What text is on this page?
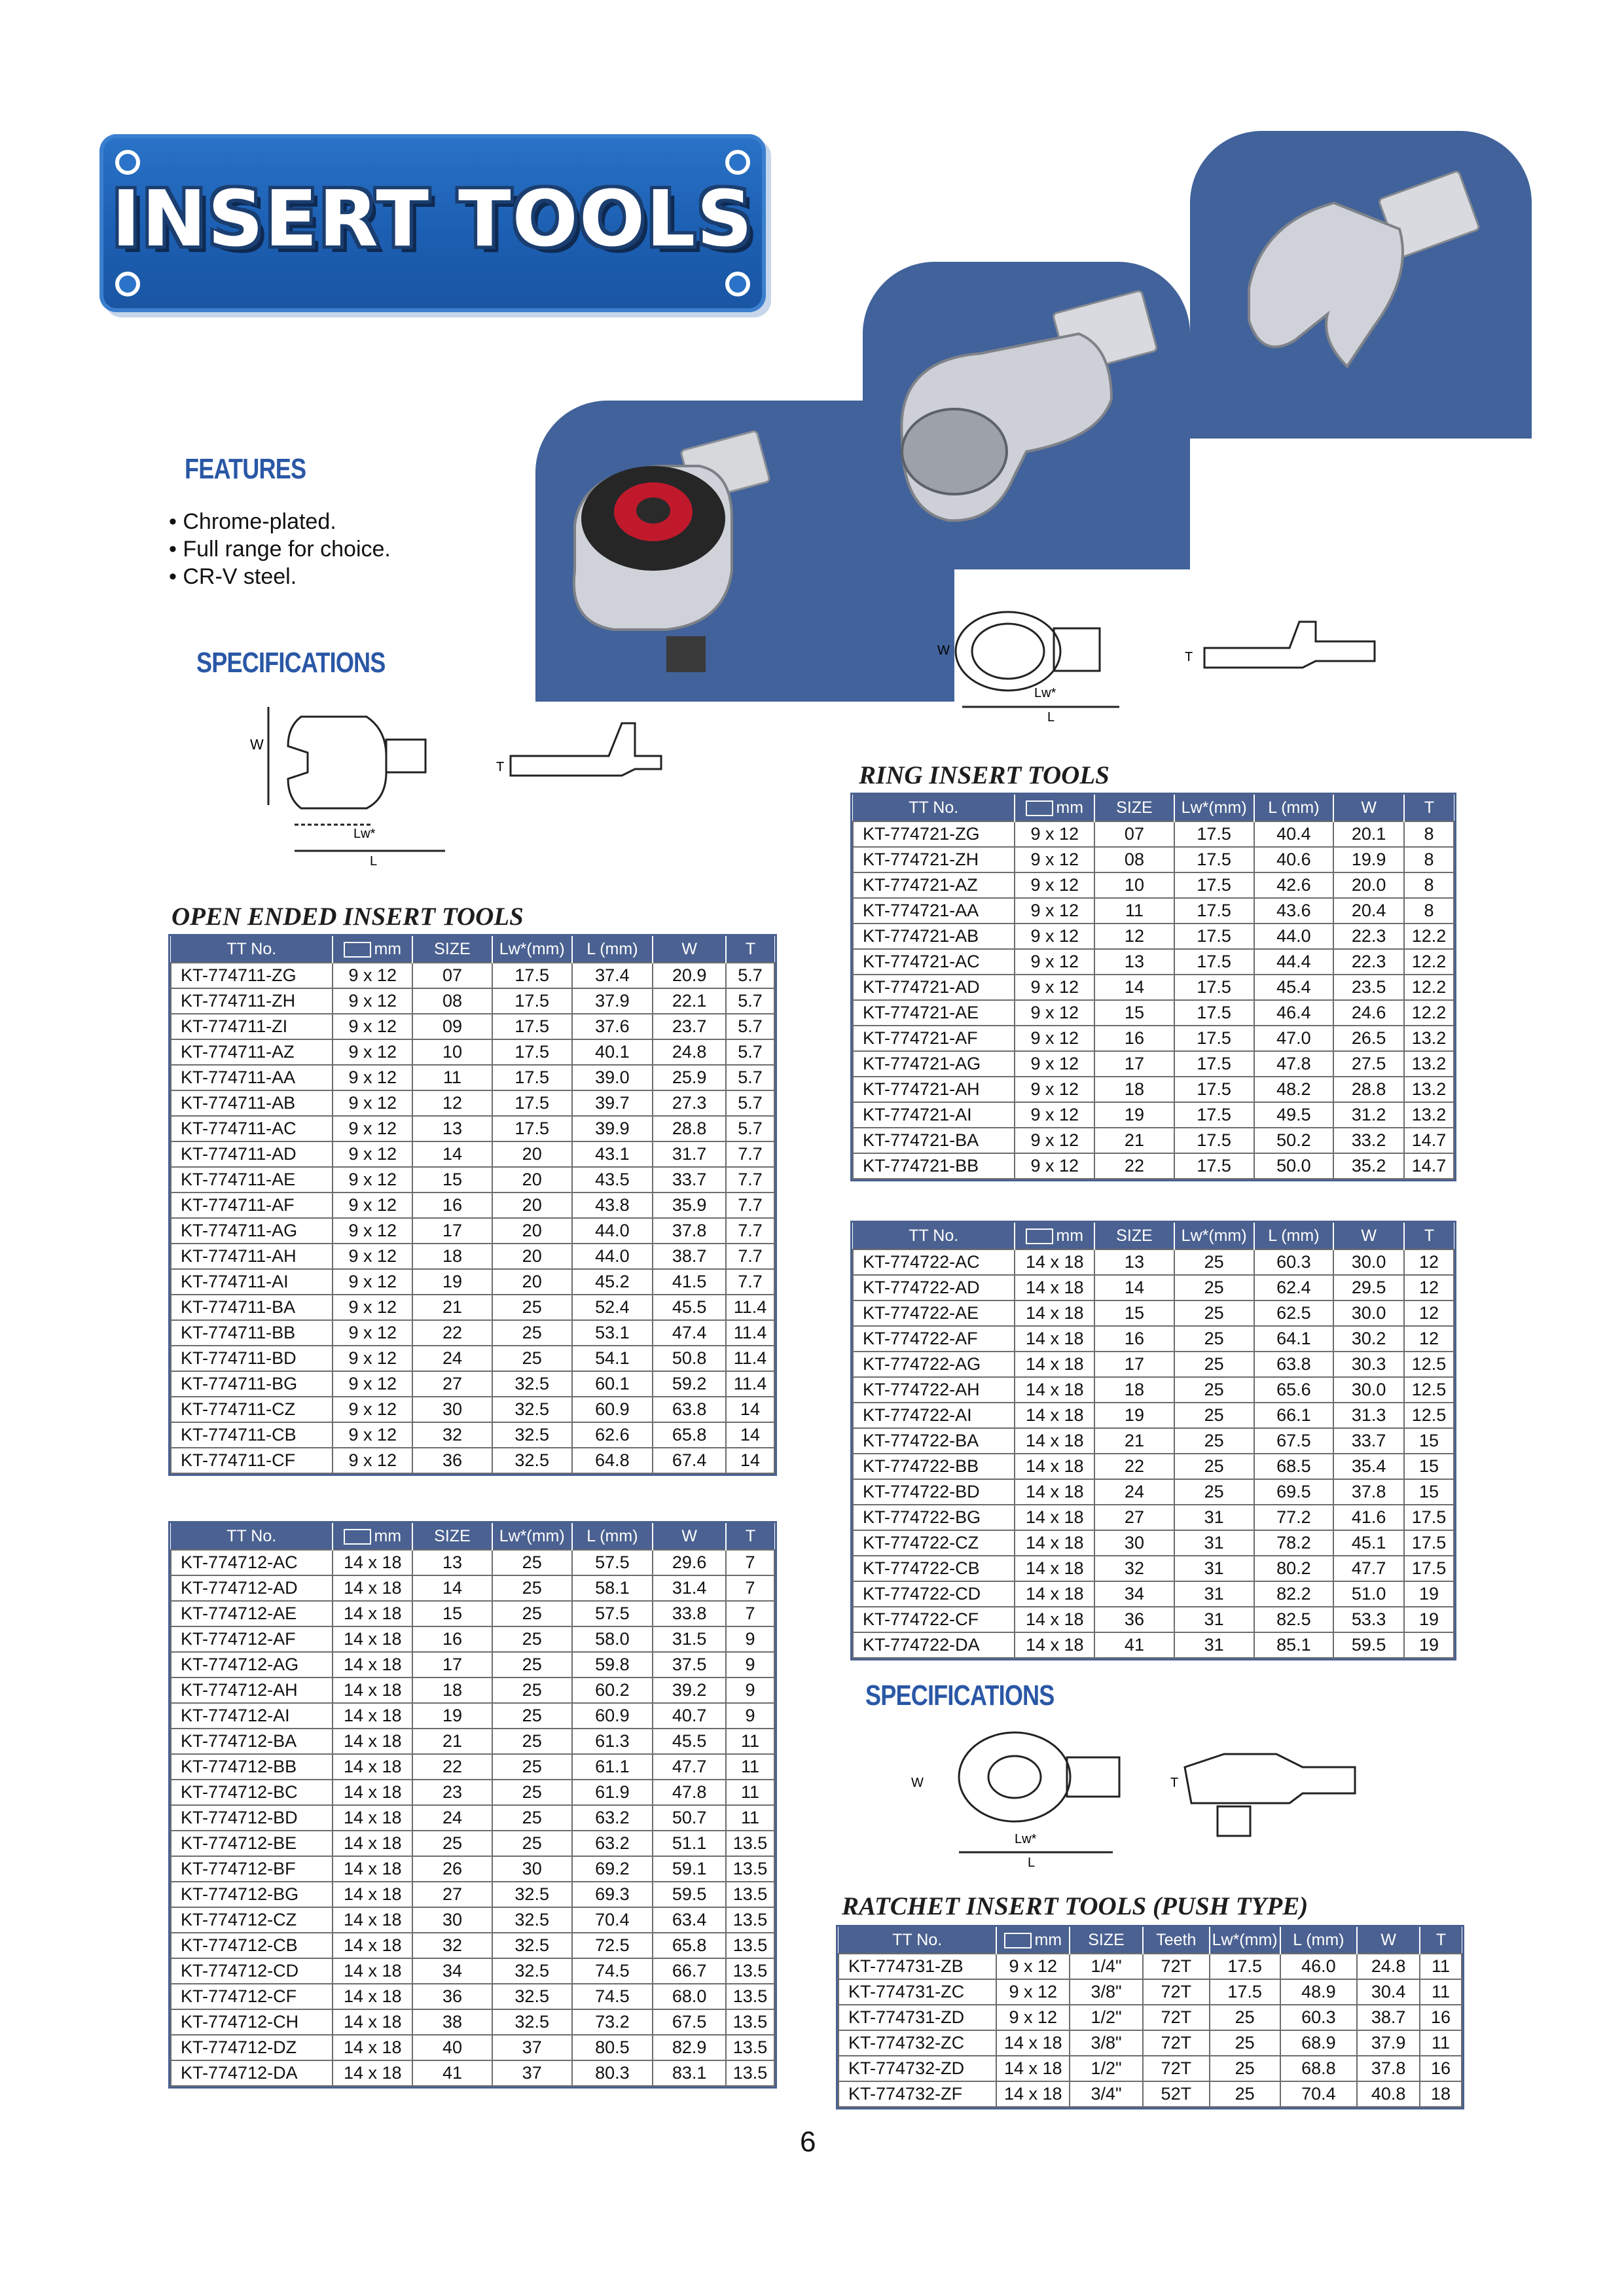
INSERT TOOLS
FEATURES
• Chrome-plated.
• Full range for choice.
• CR-V steel.
SPECIFICATIONS
W
Lw*
L
T
W
Lw*
L
T
OPEN ENDED INSERT TOOLS
TT No.	mm	SIZE	Lw*(mm)	L (mm)	W	T
KT-774711-ZG	9 x 12	07	17.5	37.4	20.9	5.7
KT-774711-ZH	9 x 12	08	17.5	37.9	22.1	5.7
KT-774711-ZI	9 x 12	09	17.5	37.6	23.7	5.7
KT-774711-AZ	9 x 12	10	17.5	40.1	24.8	5.7
KT-774711-AA	9 x 12	11	17.5	39.0	25.9	5.7
KT-774711-AB	9 x 12	12	17.5	39.7	27.3	5.7
KT-774711-AC	9 x 12	13	17.5	39.9	28.8	5.7
KT-774711-AD	9 x 12	14	20	43.1	31.7	7.7
KT-774711-AE	9 x 12	15	20	43.5	33.7	7.7
KT-774711-AF	9 x 12	16	20	43.8	35.9	7.7
KT-774711-AG	9 x 12	17	20	44.0	37.8	7.7
KT-774711-AH	9 x 12	18	20	44.0	38.7	7.7
KT-774711-AI	9 x 12	19	20	45.2	41.5	7.7
KT-774711-BA	9 x 12	21	25	52.4	45.5	11.4
KT-774711-BB	9 x 12	22	25	53.1	47.4	11.4
KT-774711-BD	9 x 12	24	25	54.1	50.8	11.4
KT-774711-BG	9 x 12	27	32.5	60.1	59.2	11.4
KT-774711-CZ	9 x 12	30	32.5	60.9	63.8	14
KT-774711-CB	9 x 12	32	32.5	62.6	65.8	14
KT-774711-CF	9 x 12	36	32.5	64.8	67.4	14
TT No.	mm	SIZE	Lw*(mm)	L (mm)	W	T
KT-774712-AC	14 x 18	13	25	57.5	29.6	7
KT-774712-AD	14 x 18	14	25	58.1	31.4	7
KT-774712-AE	14 x 18	15	25	57.5	33.8	7
KT-774712-AF	14 x 18	16	25	58.0	31.5	9
KT-774712-AG	14 x 18	17	25	59.8	37.5	9
KT-774712-AH	14 x 18	18	25	60.2	39.2	9
KT-774712-AI	14 x 18	19	25	60.9	40.7	9
KT-774712-BA	14 x 18	21	25	61.3	45.5	11
KT-774712-BB	14 x 18	22	25	61.1	47.7	11
KT-774712-BC	14 x 18	23	25	61.9	47.8	11
KT-774712-BD	14 x 18	24	25	63.2	50.7	11
KT-774712-BE	14 x 18	25	25	63.2	51.1	13.5
KT-774712-BF	14 x 18	26	30	69.2	59.1	13.5
KT-774712-BG	14 x 18	27	32.5	69.3	59.5	13.5
KT-774712-CZ	14 x 18	30	32.5	70.4	63.4	13.5
KT-774712-CB	14 x 18	32	32.5	72.5	65.8	13.5
KT-774712-CD	14 x 18	34	32.5	74.5	66.7	13.5
KT-774712-CF	14 x 18	36	32.5	74.5	68.0	13.5
KT-774712-CH	14 x 18	38	32.5	73.2	67.5	13.5
KT-774712-DZ	14 x 18	40	37	80.5	82.9	13.5
KT-774712-DA	14 x 18	41	37	80.3	83.1	13.5
RING INSERT TOOLS
TT No.	mm	SIZE	Lw*(mm)	L (mm)	W	T
KT-774721-ZG	9 x 12	07	17.5	40.4	20.1	8
KT-774721-ZH	9 x 12	08	17.5	40.6	19.9	8
KT-774721-AZ	9 x 12	10	17.5	42.6	20.0	8
KT-774721-AA	9 x 12	11	17.5	43.6	20.4	8
KT-774721-AB	9 x 12	12	17.5	44.0	22.3	12.2
KT-774721-AC	9 x 12	13	17.5	44.4	22.3	12.2
KT-774721-AD	9 x 12	14	17.5	45.4	23.5	12.2
KT-774721-AE	9 x 12	15	17.5	46.4	24.6	12.2
KT-774721-AF	9 x 12	16	17.5	47.0	26.5	13.2
KT-774721-AG	9 x 12	17	17.5	47.8	27.5	13.2
KT-774721-AH	9 x 12	18	17.5	48.2	28.8	13.2
KT-774721-AI	9 x 12	19	17.5	49.5	31.2	13.2
KT-774721-BA	9 x 12	21	17.5	50.2	33.2	14.7
KT-774721-BB	9 x 12	22	17.5	50.0	35.2	14.7
TT No.	mm	SIZE	Lw*(mm)	L (mm)	W	T
KT-774722-AC	14 x 18	13	25	60.3	30.0	12
KT-774722-AD	14 x 18	14	25	62.4	29.5	12
KT-774722-AE	14 x 18	15	25	62.5	30.0	12
KT-774722-AF	14 x 18	16	25	64.1	30.2	12
KT-774722-AG	14 x 18	17	25	63.8	30.3	12.5
KT-774722-AH	14 x 18	18	25	65.6	30.0	12.5
KT-774722-AI	14 x 18	19	25	66.1	31.3	12.5
KT-774722-BA	14 x 18	21	25	67.5	33.7	15
KT-774722-BB	14 x 18	22	25	68.5	35.4	15
KT-774722-BD	14 x 18	24	25	69.5	37.8	15
KT-774722-BG	14 x 18	27	31	77.2	41.6	17.5
KT-774722-CZ	14 x 18	30	31	78.2	45.1	17.5
KT-774722-CB	14 x 18	32	31	80.2	47.7	17.5
KT-774722-CD	14 x 18	34	31	82.2	51.0	19
KT-774722-CF	14 x 18	36	31	82.5	53.3	19
KT-774722-DA	14 x 18	41	31	85.1	59.5	19
SPECIFICATIONS
W
Lw*
L
T
RATCHET INSERT TOOLS (PUSH TYPE)
TT No.	mm	SIZE	Teeth	Lw*(mm)	L (mm)	W	T
KT-774731-ZB	9 x 12	1/4"	72T	17.5	46.0	24.8	11
KT-774731-ZC	9 x 12	3/8"	72T	17.5	48.9	30.4	11
KT-774731-ZD	9 x 12	1/2"	72T	25	60.3	38.7	16
KT-774732-ZC	14 x 18	3/8"	72T	25	68.9	37.9	11
KT-774732-ZD	14 x 18	1/2"	72T	25	68.8	37.8	16
KT-774732-ZF	14 x 18	3/4"	52T	25	70.4	40.8	18
6
